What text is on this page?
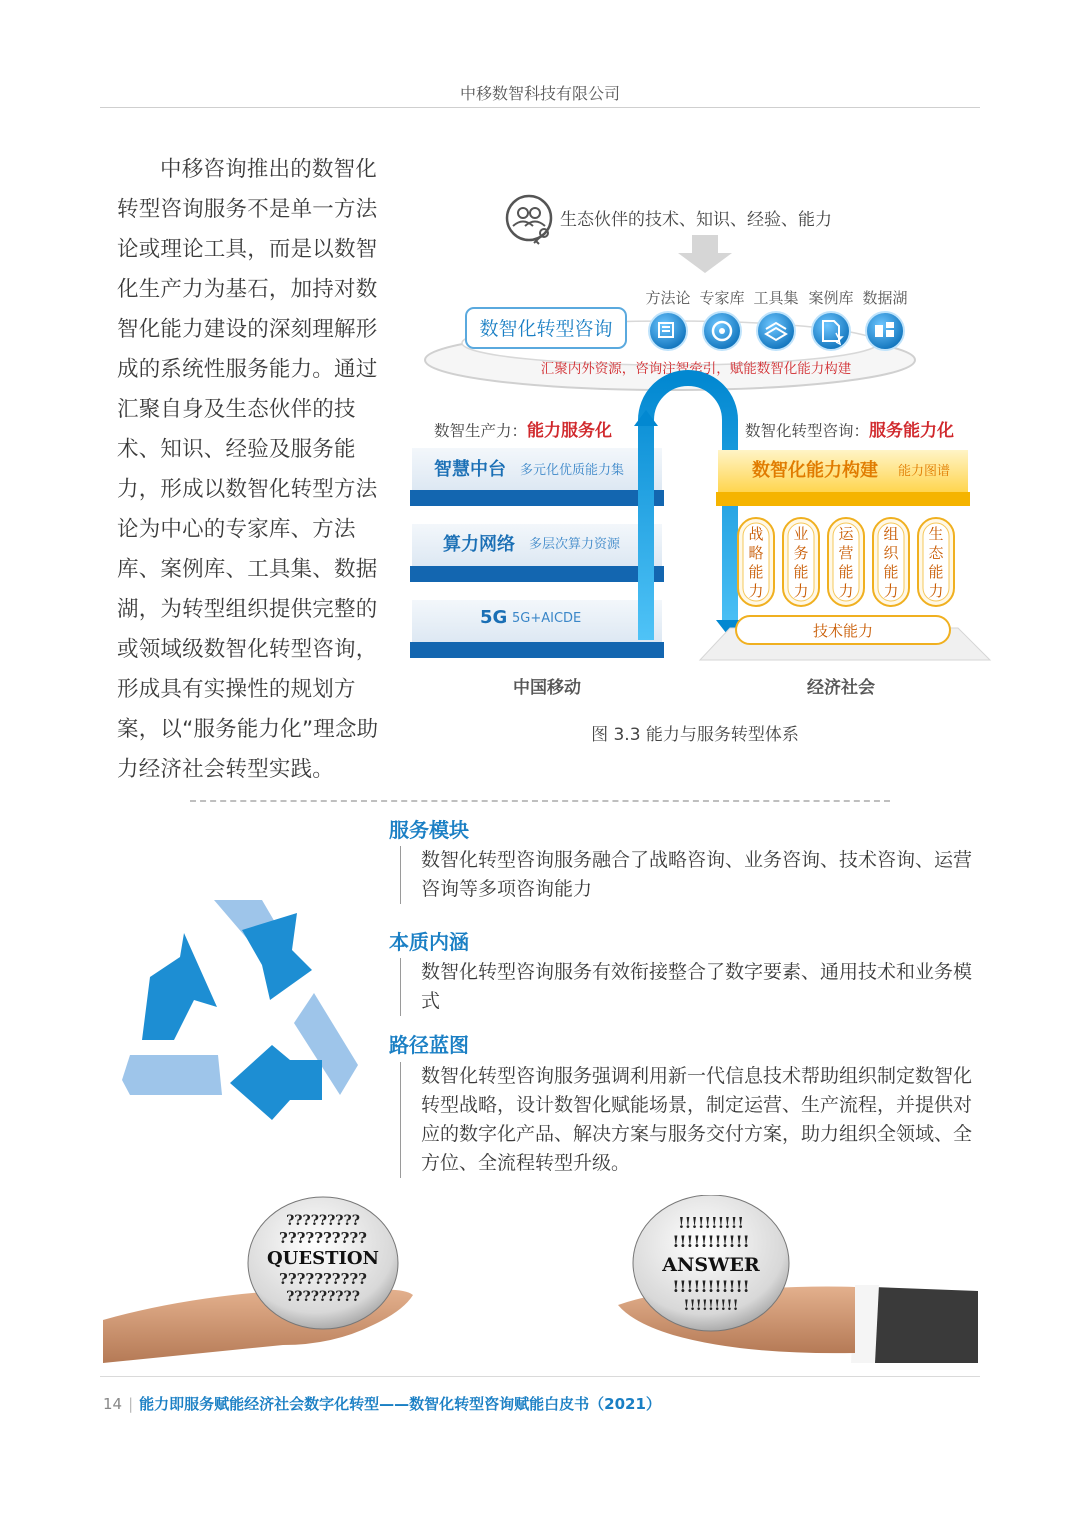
中移数智科技有限公司

中移咨询推出的数智化转型咨询服务不是单一方法论或理论工具，而是以数智化生产力为基石，加持对数智化能力建设的深刻理解形成的系统性服务能力。通过汇聚自身及生态伙伴的技术、知识、经验及服务能力，形成以数智化转型方法论为中心的专家库、方法库、案例库、工具集、数据湖，为转型组织提供完整的或领域级数智化转型咨询，形成具有实操性的规划方案，以“服务能力化”理念助力经济社会转型实践。

生态伙伴的技术、知识、经验、能力
方法论 专家库 工具集 案例库 数据湖
汇聚内外资源，咨询注智牵引，赋能数智化能力构建
数智化转型咨询
数智生产力：能力服务化	数智化转型咨询：服务能力化
智慧中台 多元化优质能力集
算力网络 多层次算力资源
5G 5G+AICDE
数智化能力构建 能力图谱
战
略
能
力
业
务
能
力
运
营
能
力
组
织
能
力
生
态
能
力
技术能力
中国移动	经济社会
图 3.3 能力与服务转型体系
服务模块
数智化转型咨询服务融合了战略咨询、业务咨询、技术咨询、运营咨询等多项咨询能力
本质内涵
数智化转型咨询服务有效衔接整合了数字要素、通用技术和业务模式
路径蓝图
数智化转型咨询服务强调利用新一代信息技术帮助组织制定数智化转型战略，设计数智化赋能场景，制定运营、生产流程，并提供对应的数字化产品、解决方案与服务交付方案，助力组织全领域、全方位、全流程转型升级。
?????????
??????????
QUESTION
??????????
?????????
!!!!!!!!!!
!!!!!!!!!!!
ANSWER
!!!!!!!!!!!
!!!!!!!!!
14 | 能力即服务赋能经济社会数字化转型——数智化转型咨询赋能白皮书（2021）
